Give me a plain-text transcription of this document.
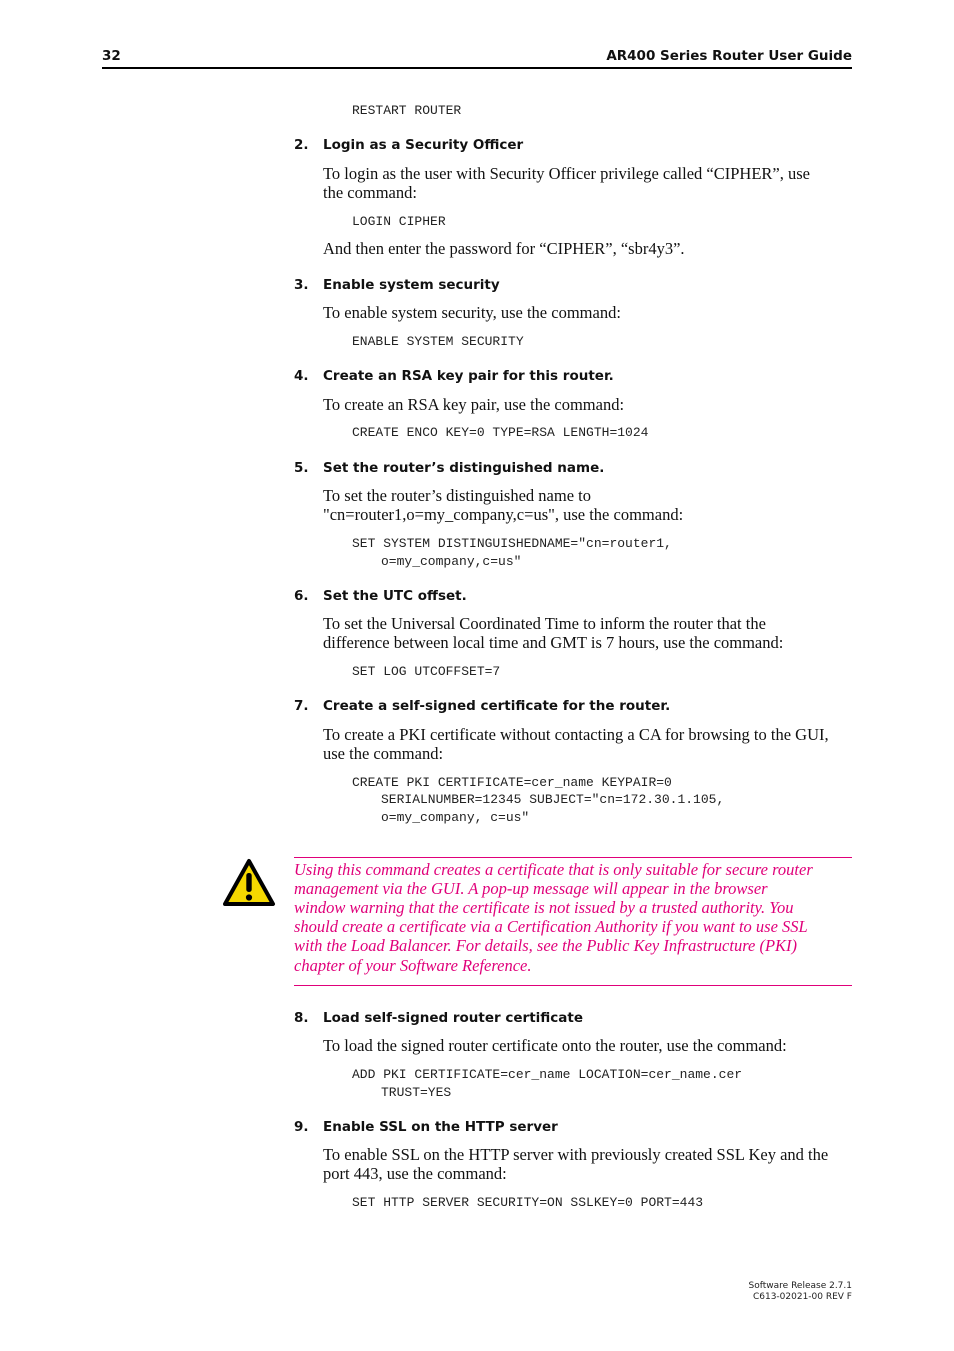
32	AR400 Series Router User Guide
RESTART ROUTER
2. Login as a Security Officer
To login as the user with Security Officer privilege called “CIPHER”, use
the command:
LOGIN CIPHER
And then enter the password for “CIPHER”, “sbr4y3”.
3. Enable system security
To enable system security, use the command:
ENABLE SYSTEM SECURITY
4. Create an RSA key pair for this router.
To create an RSA key pair, use the command:
CREATE ENCO KEY=0 TYPE=RSA LENGTH=1024
5. Set the router’s distinguished name.
To set the router’s distinguished name to
"cn=router1,o=my_company,c=us", use the command:
SET SYSTEM DISTINGUISHEDNAME="cn=router1,
o=my_company,c=us"
6. Set the UTC offset.
To set the Universal Coordinated Time to inform the router that the
difference between local time and GMT is 7 hours, use the command:
SET LOG UTCOFFSET=7
7. Create a self-signed certificate for the router.
To create a PKI certificate without contacting a CA for browsing to the GUI,
use the command:
CREATE PKI CERTIFICATE=cer_name KEYPAIR=0
SERIALNUMBER=12345 SUBJECT="cn=172.30.1.105,
o=my_company, c=us"
Using this command creates a certificate that is only suitable for secure router
management via the GUI. A pop-up message will appear in the browser
window warning that the certificate is not issued by a trusted authority. You
should create a certificate via a Certification Authority if you want to use SSL
with the Load Balancer. For details, see the Public Key Infrastructure (PKI)
chapter of your Software Reference.
8. Load self-signed router certificate
To load the signed router certificate onto the router, use the command:
ADD PKI CERTIFICATE=cer_name LOCATION=cer_name.cer
TRUST=YES
9. Enable SSL on the HTTP server
To enable SSL on the HTTP server with previously created SSL Key and the
port 443, use the command:
SET HTTP SERVER SECURITY=ON SSLKEY=0 PORT=443
Software Release 2.7.1
C613-02021-00 REV F
